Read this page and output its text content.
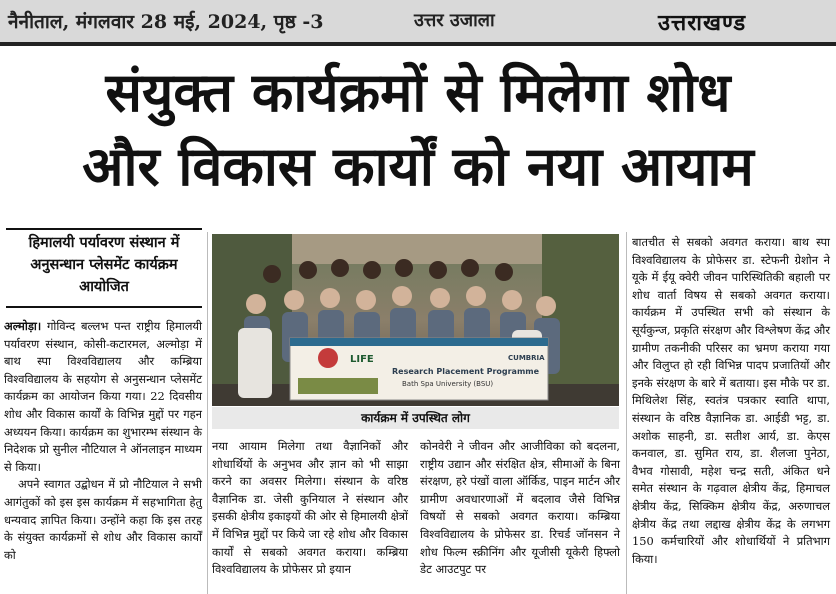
नैनीताल, मंगलवार 28 मई, 2024, पृष्ठ -3	उत्तर उजाला	उत्तराखण्ड
संयुक्त कार्यक्रमों से मिलेगा शोध
और विकास कार्यों को नया आयाम
हिमालयी पर्यावरण संस्थान में अनुसन्धान प्लेसमेंट कार्यक्रम आयोजित

अल्मोड़ा। गोविन्द बल्लभ पन्त राष्ट्रीय हिमालयी पर्यावरण संस्थान, कोसी-कटारमल, अल्मोड़ा में बाथ स्पा विश्वविद्यालय और कम्ब्रिया विश्वविद्यालय के सहयोग से अनुसन्धान प्लेसमेंट कार्यक्रम का आयोजन किया गया। 22 दिवसीय शोध और विकास कार्यों के विभिन्न मुद्दों पर गहन अध्ययन किया। कार्यक्रम का शुभारम्भ संस्थान के निदेशक प्रो सुनील नौटियाल ने ऑनलाइन माध्यम से किया।

अपने स्वागत उद्बोधन में प्रो नौटियाल ने सभी आगंतुकों को इस इस कार्यक्रम में सहभागिता हेतु धन्यवाद ज्ञापित किया। उन्होंने कहा कि इस तरह के संयुक्त कार्यक्रमों से शोध और विकास कार्यों को

LIFE
Research Placement Programme
Bath Spa University (BSU)
CUMBRIA
कार्यक्रम में उपस्थित लोग
नया आयाम मिलेगा तथा वैज्ञानिकों और शोधार्थियों के अनुभव और ज्ञान को भी साझा करने का अवसर मिलेगा। संस्थान के वरिष्ठ वैज्ञानिक डा. जेसी कुनियाल ने संस्थान और इसकी क्षेत्रीय इकाइयों की ओर से हिमालयी क्षेत्रों में विभिन्न मुद्दों पर किये जा रहे शोध और विकास कार्यों से सबको अवगत कराया। कम्ब्रिया विश्वविद्यालय के प्रोफेसर प्रो इयान
कोनवेरी ने जीवन और आजीविका को बदलना, राष्ट्रीय उद्यान और संरक्षित क्षेत्र, सीमाओं के बिना संरक्षण, हरे पंखों वाला ऑर्किड, पाइन मार्टन और ग्रामीण अवधारणाओं में बदलाव जैसे विभिन्न विषयों से सबको अवगत कराया। कम्ब्रिया विश्वविद्यालय के प्रोफेसर डा. रिचर्ड जॉनसन ने शोध फिल्म स्क्रीनिंग और यूजीसी यूकेरी हिफ्लो डेट आउटपुट पर
बातचीत से सबको अवगत कराया। बाथ स्पा विश्वविद्यालय के प्रोफेसर डा. स्टेफनी ग्रेशोन ने यूके में ईयू क्वेरी जीवन पारिस्थितिकी बहाली पर शोध वार्ता विषय से सबको अवगत कराया। कार्यक्रम में उपस्थित सभी को संस्थान के सूर्यकुन्ज, प्रकृति संरक्षण और विश्लेषण केंद्र और ग्रामीण तकनीकी परिसर का भ्रमण कराया गया और विलुप्त हो रही विभिन्न पादप प्रजातियों और इनके संरक्षण के बारे में बताया। इस मौके पर डा. मिथिलेश सिंह, स्वतंत्र पत्रकार स्वाति थापा, संस्थान के वरिष्ठ वैज्ञानिक डा. आईडी भट्ट, डा. अशोक साहनी, डा. सतीश आर्य, डा. केएस कनवाल, डा. सुमित राय, डा. शैलजा पुनेठा, वैभव गोसावी, महेश चन्द्र सती, अंकित धने समेत संस्थान के गढ़वाल क्षेत्रीय केंद्र, हिमाचल क्षेत्रीय केंद्र, सिक्किम क्षेत्रीय केंद्र, अरुणाचल क्षेत्रीय केंद्र तथा लद्दाख क्षेत्रीय केंद्र के लगभग 150 कर्मचारियों और शोधार्थियों ने प्रतिभाग किया।
